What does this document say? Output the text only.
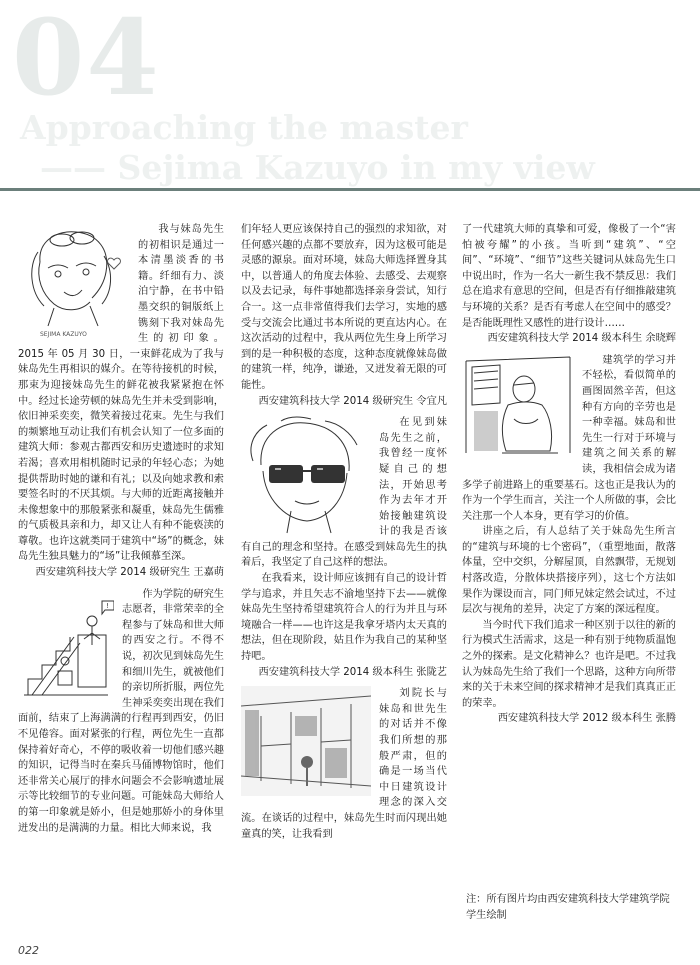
04
Approaching the master
—— Sejima Kazuyo in my view
SEJIMA KAZUYO

我与妹岛先生的初相识是通过一本清墨淡香的书籍。纤细有力、淡泊宁静，在书中铅墨交织的铜版纸上镌刻下我对妹岛先生的初印象。2015 年 05 月 30 日，一束鲜花成为了我与妹岛先生再相识的媒介。在等待接机的时候，那束为迎接妹岛先生的鲜花被我紧紧抱在怀中。经过长途劳顿的妹岛先生并未受到影响，依旧神采奕奕，微笑着接过花束。先生与我们的频繁地互动让我们有机会认知了一位多面的建筑大师：参观古都西安和历史遗迹时的求知若渴；喜欢用相机随时记录的年轻心态；为她提供帮助时她的谦和有礼；以及向她求教和索要签名时的不厌其烦。与大师的近距离接触并未像想象中的那般紧张和凝重，妹岛先生儒雅的气质极具亲和力，却又让人有种不能亵渎的尊敬。也许这就类同于建筑中“场”的概念，妹岛先生独具魅力的“场”让我倾慕至深。

西安建筑科技大学 2014 级研究生 王嘉萌

!

作为学院的研究生志愿者，非常荣幸的全程参与了妹岛和世大师的西安之行。不得不说，初次见到妹岛先生和细川先生，就被他们的亲切所折服，两位先生神采奕奕出现在我们面前，结束了上海满满的行程再到西安，仍旧不见倦容。面对紧张的行程，两位先生一直都保持着好奇心，不停的吸收着一切他们感兴趣的知识，记得当时在秦兵马俑博物馆时，他们还非常关心展厅的排水问题会不会影响遗址展示等比较细节的专业问题。可能妹岛大师给人的第一印象就是娇小，但是她那娇小的身体里迸发出的是满满的力量。相比大师来说，我

们年轻人更应该保持自己的强烈的求知欲，对任何感兴趣的点都不要放弃，因为这极可能是灵感的源泉。面对环境，妹岛大师选择置身其中，以普通人的角度去体验、去感受、去观察以及去记录，每件事她都选择亲身尝试，知行合一。这一点非常值得我们去学习，实地的感受与交流会比通过书本所说的更直达内心。在这次活动的过程中，我从两位先生身上所学习到的是一种积极的态度，这种态度就像妹岛做的建筑一样，纯净，谦逊，又迸发着无限的可能性。

西安建筑科技大学 2014 级研究生 令宜凡

在见到妹岛先生之前，我曾经一度怀疑自己的想法，开始思考作为去年才开始接触建筑设计的我是否该有自己的理念和坚持。在感受到妹岛先生的执着后，我坚定了自己这样的想法。

在我看来，设计师应该拥有自己的设计哲学与追求，并且矢志不渝地坚持下去——就像妹岛先生坚持希望建筑符合人的行为并且与环境融合一样——也许这是我拿牙塔内太天真的想法，但在现阶段，姑且作为我自己的某种坚持吧。

西安建筑科技大学 2014 级本科生 张陇艺

刘院长与妹岛和世先生的对话并不像我们所想的那般严肃，但的确是一场当代中日建筑设计理念的深入交流。在谈话的过程中，妹岛先生时而闪现出她童真的笑，让我看到

了一代建筑大师的真挚和可爱，像极了一个“害怕被夸耀”的小孩。当听到“建筑”、“空间”、“环境”、“细节”这些关键词从妹岛先生口中说出时，作为一名大一新生我不禁反思：我们总在追求有意思的空间，但是否有仔细推敲建筑与环境的关系？是否有考虑人在空间中的感受？是否能既理性又感性的进行设计……

西安建筑科技大学 2014 级本科生 余晓辉

建筑学的学习并不轻松，看似简单的画图固然辛苦，但这种有方向的辛劳也是一种幸福。妹岛和世先生一行对于环境与建筑之间关系的解读，我相信会成为诸多学子前进路上的重要基石。这也正是我认为的作为一个学生而言，关注一个人所做的事，会比关注那一个人本身，更有学习的价值。

讲座之后，有人总结了关于妹岛先生所言的“建筑与环境的七个密码”，（重塑地面，散落体量，空中交织，分解屋顶，自然飘带，无规划村落改造，分散体块搭接序列），这七个方法如果作为课设而言，同门师兄妹定然会试过，不过层次与视角的差异，决定了方案的深远程度。

当今时代下我们追求一种区别于以往的新的行为模式生活需求，这是一种有别于纯物质温饱之外的探索。是文化精神么？也许是吧。不过我认为妹岛先生给了我们一个思路，这种方向所带来的关于未来空间的探求精神才是我们真真正正的荣幸。

西安建筑科技大学 2012 级本科生 张腾

注：所有图片均由西安建筑科技大学建筑学院学生绘制
022
